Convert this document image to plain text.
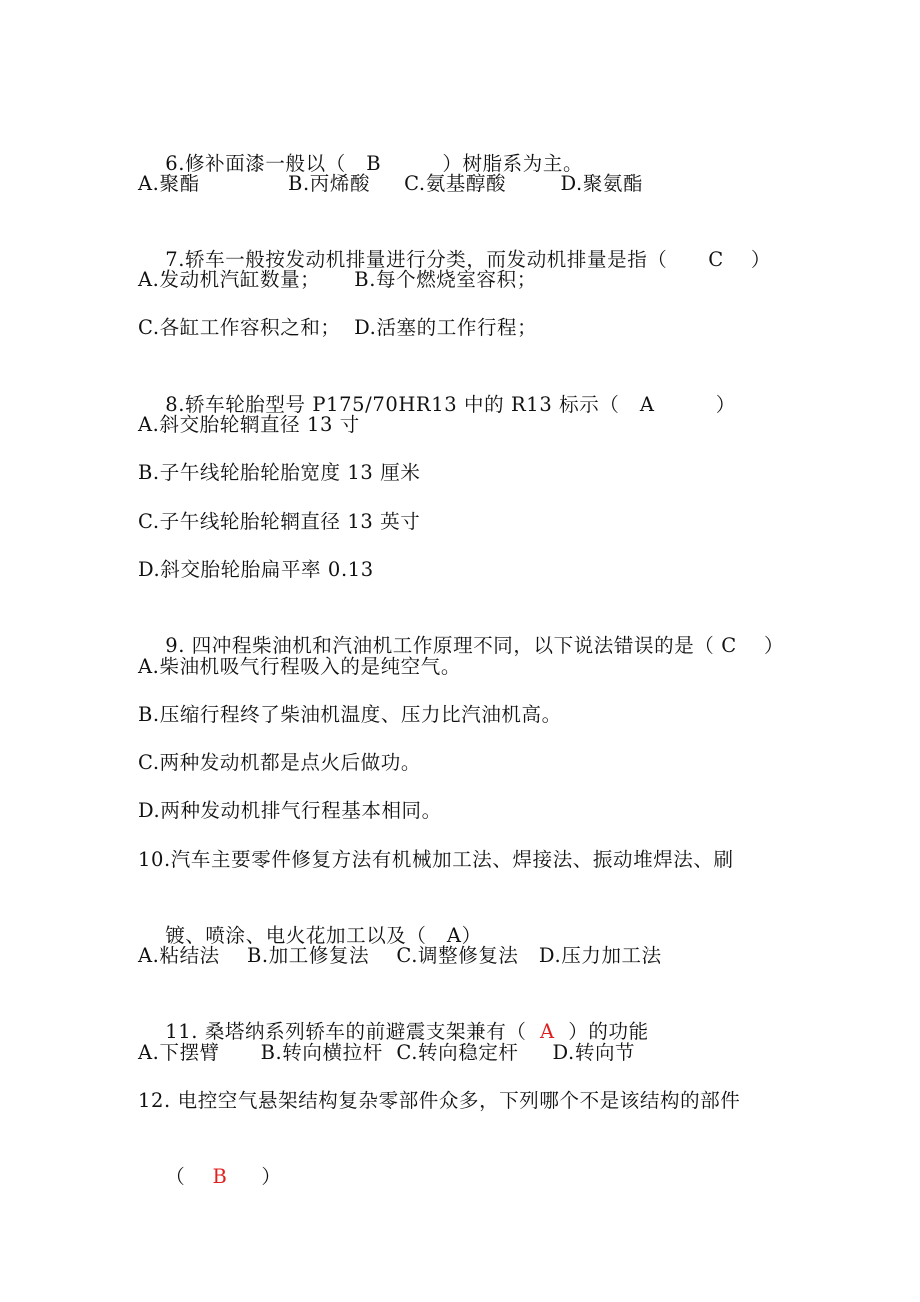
6.修补面漆一般以（   B         ）树脂系为主。

A.聚酯             B.丙烯酸     C.氨基醇酸        D.聚氨酯

7.轿车一般按发动机排量进行分类，而发动机排量是指（      C    ）

A.发动机汽缸数量；     B.每个燃烧室容积；
C.各缸工作容积之和；  D.活塞的工作行程；

8.轿车轮胎型号 P175/70HR13 中的 R13 标示（   A         ）

A.斜交胎轮辋直径 13 寸
B.子午线轮胎轮胎宽度 13 厘米
C.子午线轮胎轮辋直径 13 英寸
D.斜交胎轮胎扁平率 0.13

9. 四冲程柴油机和汽油机工作原理不同，以下说法错误的是（ C    ）

A.柴油机吸气行程吸入的是纯空气。
B.压缩行程终了柴油机温度、压力比汽油机高。
C.两种发动机都是点火后做功。
D.两种发动机排气行程基本相同。
10.汽车主要零件修复方法有机械加工法、焊接法、振动堆焊法、刷

镀、喷涂、电火花加工以及（   A）

A.粘结法    B.加工修复法    C.调整修复法   D.压力加工法

11. 桑塔纳系列轿车的前避震支架兼有（  A  ）的功能

A.下摆臂      B.转向横拉杆  C.转向稳定杆     D.转向节
12. 电控空气悬架结构复杂零部件众多，下列哪个不是该结构的部件

（    B     ）
